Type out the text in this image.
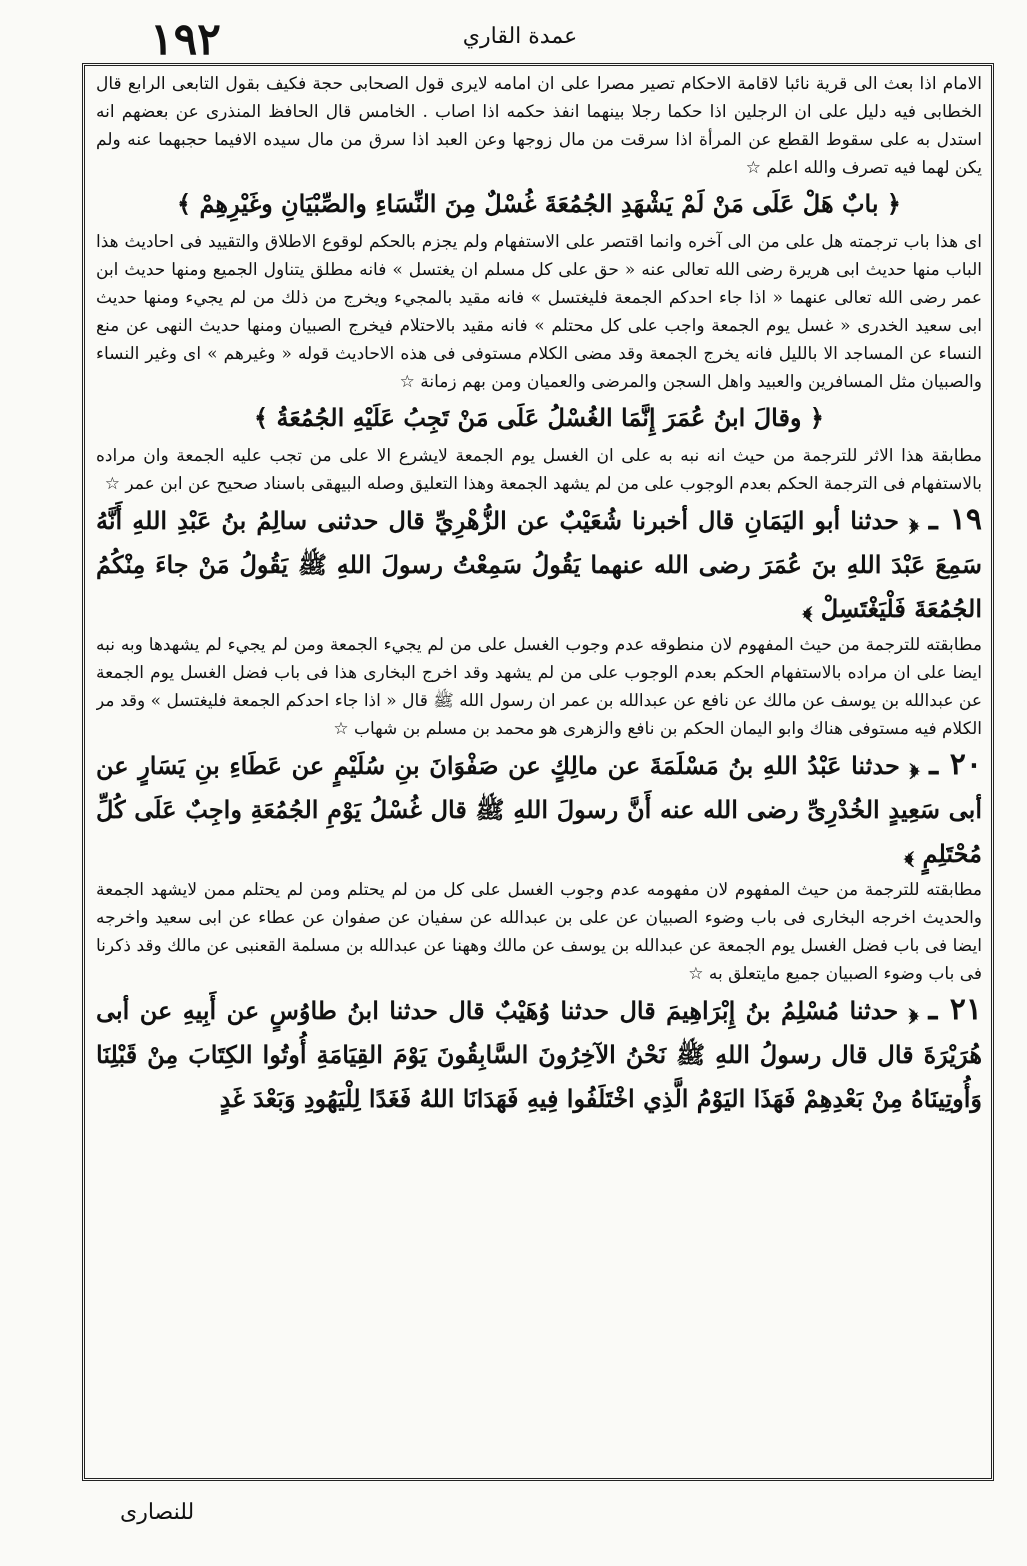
١٩٢	عمدة القاري

الامام اذا بعث الى قرية نائبا لاقامة الاحكام تصير مصرا على ان امامه لايرى قول الصحابى حجة فكيف بقول التابعى الرابع قال الخطابى فيه دليل على ان الرجلين اذا حكما رجلا بينهما انفذ حكمه اذا اصاب . الخامس قال الحافظ المنذرى عن بعضهم انه استدل به على سقوط القطع عن المرأة اذا سرقت من مال زوجها وعن العبد اذا سرق من مال سيده الافيما حجبهما عنه ولم يكن لهما فيه تصرف والله اعلم ☆

﴿ بابٌ هَلْ عَلَى مَنْ لَمْ يَشْهَدِ الجُمُعَةَ غُسْلٌ مِنَ النِّسَاءِ والصِّبْيَانِ وغَيْرِهِمْ ﴾

اى هذا باب ترجمته هل على من الى آخره وانما اقتصر على الاستفهام ولم يجزم بالحكم لوقوع الاطلاق والتقييد فى احاديث هذا الباب منها حديث ابى هريرة رضى الله تعالى عنه « حق على كل مسلم ان يغتسل » فانه مطلق يتناول الجميع ومنها حديث ابن عمر رضى الله تعالى عنهما « اذا جاء احدكم الجمعة فليغتسل » فانه مقيد بالمجيء ويخرج من ذلك من لم يجيء ومنها حديث ابى سعيد الخدرى « غسل يوم الجمعة واجب على كل محتلم » فانه مقيد بالاحتلام فيخرج الصبيان ومنها حديث النهى عن منع النساء عن المساجد الا بالليل فانه يخرج الجمعة وقد مضى الكلام مستوفى فى هذه الاحاديث قوله « وغيرهم » اى وغير النساء والصبيان مثل المسافرين والعبيد واهل السجن والمرضى والعميان ومن بهم زمانة ☆

﴿ وقالَ ابنُ عُمَرَ إِنَّمَا الغُسْلُ عَلَى مَنْ تَجِبُ عَلَيْهِ الجُمُعَةُ ﴾

مطابقة هذا الاثر للترجمة من حيث انه نبه به على ان الغسل يوم الجمعة لايشرع الا على من تجب عليه الجمعة وان مراده بالاستفهام فى الترجمة الحكم بعدم الوجوب على من لم يشهد الجمعة وهذا التعليق وصله البيهقى باسناد صحيح عن ابن عمر ☆

١٩ ـ﴿ حدثنا أبو اليَمَانِ قال أخبرنا شُعَيْبٌ عن الزُّهْرِيِّ قال حدثنى سالِمُ بنُ عَبْدِ اللهِ أَنَّهُ سَمِعَ عَبْدَ اللهِ بنَ عُمَرَ رضى الله عنهما يَقُولُ سَمِعْتُ رسولَ اللهِ ﷺ يَقُولُ مَنْ جاءَ مِنْكُمُ الجُمُعَةَ فَلْيَغْتَسِلْ ﴾

مطابقته للترجمة من حيث المفهوم لان منطوقه عدم وجوب الغسل على من لم يجيء الجمعة ومن لم يجيء لم يشهدها وبه نبه ايضا على ان مراده بالاستفهام الحكم بعدم الوجوب على من لم يشهد وقد اخرج البخارى هذا فى باب فضل الغسل يوم الجمعة عن عبدالله بن يوسف عن مالك عن نافع عن عبدالله بن عمر ان رسول الله ﷺ قال « اذا جاء احدكم الجمعة فليغتسل » وقد مر الكلام فيه مستوفى هناك وابو اليمان الحكم بن نافع والزهرى هو محمد بن مسلم بن شهاب ☆

٢٠ ـ﴿ حدثنا عَبْدُ اللهِ بنُ مَسْلَمَةَ عن مالِكٍ عن صَفْوَانَ بنِ سُلَيْمٍ عن عَطَاءِ بنِ يَسَارٍ عن أبى سَعِيدٍ الخُدْرِىِّ رضى الله عنه أَنَّ رسولَ اللهِ ﷺ قال غُسْلُ يَوْمِ الجُمُعَةِ واجِبٌ عَلَى كُلِّ مُحْتَلِمٍ ﴾

مطابقته للترجمة من حيث المفهوم لان مفهومه عدم وجوب الغسل على كل من لم يحتلم ومن لم يحتلم ممن لايشهد الجمعة والحديث اخرجه البخارى فى باب وضوء الصبيان عن على بن عبدالله عن سفيان عن صفوان عن عطاء عن ابى سعيد واخرجه ايضا فى باب فضل الغسل يوم الجمعة عن عبدالله بن يوسف عن مالك وههنا عن عبدالله بن مسلمة القعنبى عن مالك وقد ذكرنا فى باب وضوء الصبيان جميع مايتعلق به ☆

٢١ ـ﴿ حدثنا مُسْلِمُ بنُ إِبْرَاهِيمَ قال حدثنا وُهَيْبٌ قال حدثنا ابنُ طاوُسٍ عن أَبِيهِ عن أبى هُرَيْرَةَ قال قال رسولُ اللهِ ﷺ نَحْنُ الآخِرُونَ السَّابِقُونَ يَوْمَ القِيَامَةِ أُوتُوا الكِتَابَ مِنْ قَبْلِنَا وَأُوتِينَاهُ مِنْ بَعْدِهِمْ فَهَذَا اليَوْمُ الَّذِي اخْتَلَفُوا فِيهِ فَهَدَانَا اللهُ فَغَدًا لِلْيَهُودِ وَبَعْدَ غَدٍ

للنصارى
